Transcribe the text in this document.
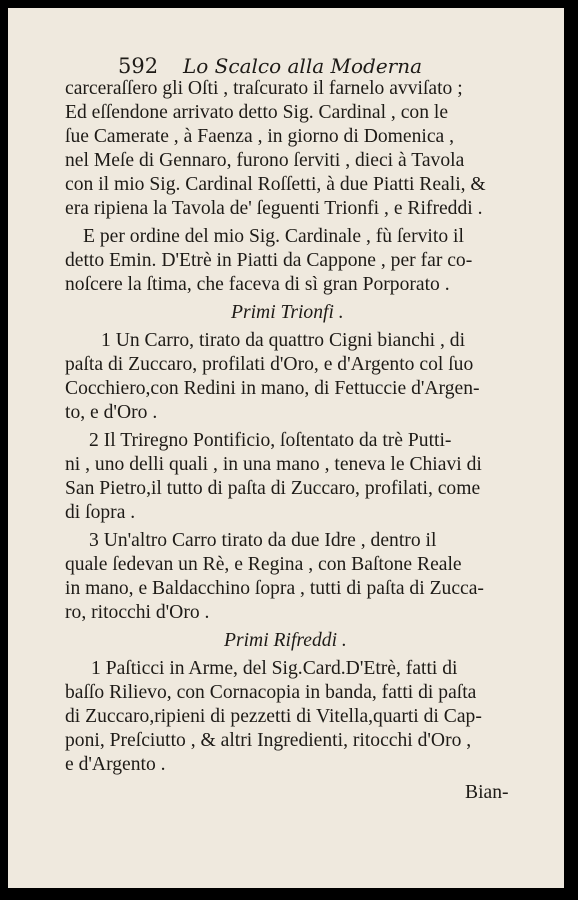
592 Lo Scalco alla Moderna
carceraſſero gli Oſti , traſcurato il farnelo avviſato ;
Ed eſſendone arrivato detto Sig. Cardinal , con le
ſue Camerate , à Faenza , in giorno di Domenica ,
nel Meſe di Gennaro, furono ſerviti , dieci à Tavola
con il mio Sig. Cardinal Roſſetti, à due Piatti Reali, &
era ripiena la Tavola de' ſeguenti Trionfi , e Rifreddi .
E per ordine del mio Sig. Cardinale , fù ſervito il
detto Emin. D'Etrè in Piatti da Cappone , per far co-
noſcere la ſtima, che faceva di sì gran Porporato .
Primi Trionfi .
1 Un Carro, tirato da quattro Cigni bianchi , di
paſta di Zuccaro, profilati d'Oro, e d'Argento col ſuo
Cocchiero,con Redini in mano, di Fettuccie d'Argen-
to, e d'Oro .
2 Il Triregno Pontificio, ſoſtentato da trè Putti-
ni , uno delli quali , in una mano , teneva le Chiavi di
San Pietro,il tutto di paſta di Zuccaro, profilati, come
di ſopra .
3 Un'altro Carro tirato da due Idre , dentro il
quale ſedevan un Rè, e Regina , con Baſtone Reale
in mano, e Baldacchino ſopra , tutti di paſta di Zucca-
ro, ritocchi d'Oro .
Primi Rifreddi .
1 Paſticci in Arme, del Sig.Card.D'Etrè, fatti di
baſſo Rilievo, con Cornacopia in banda, fatti di paſta
di Zuccaro,ripieni di pezzetti di Vitella,quarti di Cap-
poni, Preſciutto , & altri Ingredienti, ritocchi d'Oro ,
e d'Argento .
Bian-
